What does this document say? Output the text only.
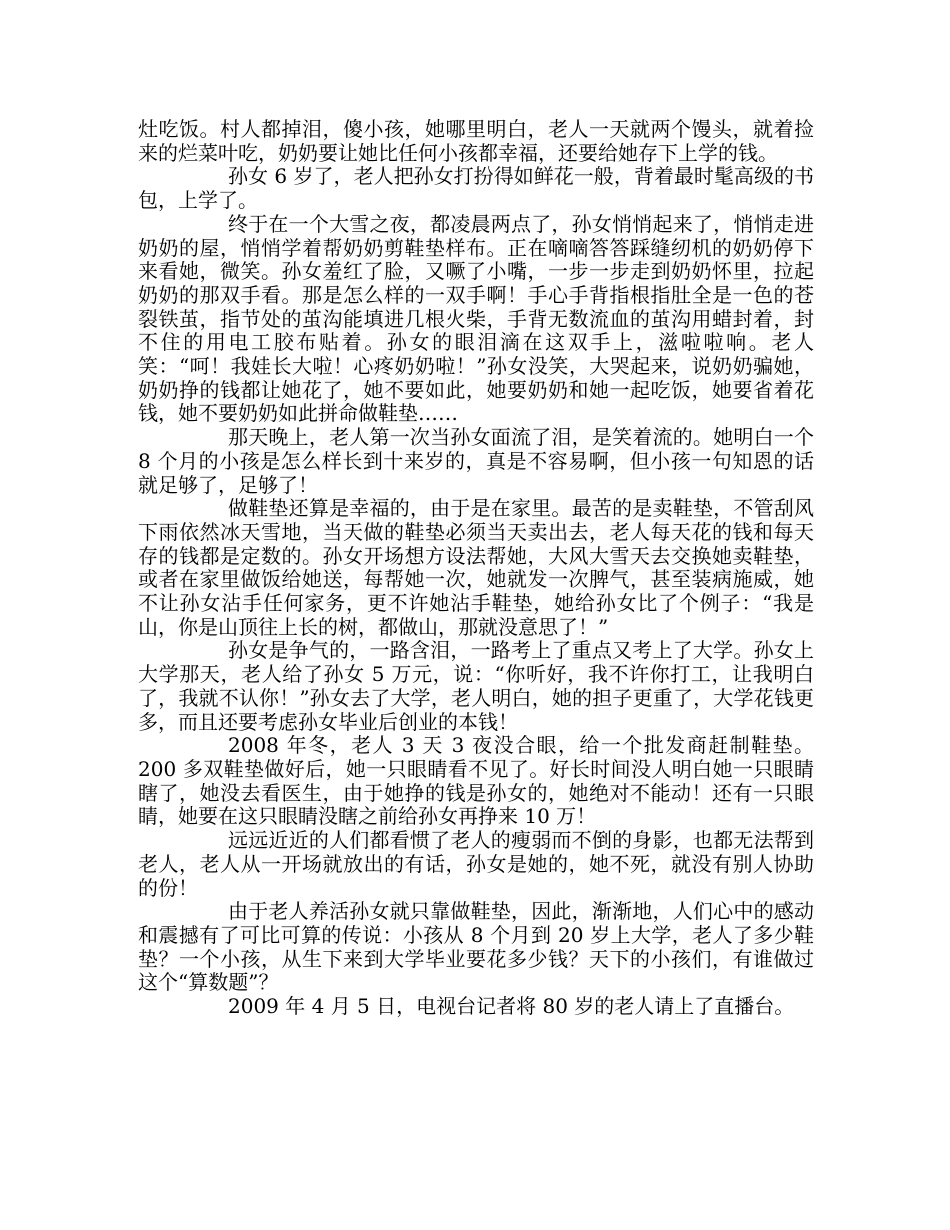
灶吃饭。村人都掉泪，傻小孩，她哪里明白，老人一天就两个馒头，就着捡来的烂菜叶吃，奶奶要让她比任何小孩都幸福，还要给她存下上学的钱。

孙女 6 岁了，老人把孙女打扮得如鲜花一般，背着最时髦高级的书包，上学了。

终于在一个大雪之夜，都凌晨两点了，孙女悄悄起来了，悄悄走进奶奶的屋，悄悄学着帮奶奶剪鞋垫样布。正在嘀嘀答答踩缝纫机的奶奶停下来看她，微笑。孙女羞红了脸，又噘了小嘴，一步一步走到奶奶怀里，拉起奶奶的那双手看。那是怎么样的一双手啊！手心手背指根指肚全是一色的苍裂铁茧，指节处的茧沟能填进几根火柴，手背无数流血的茧沟用蜡封着，封不住的用电工胶布贴着。孙女的眼泪滴在这双手上，滋啦啦响。老人笑：“呵！我娃长大啦！心疼奶奶啦！”孙女没笑，大哭起来，说奶奶骗她，奶奶挣的钱都让她花了，她不要如此，她要奶奶和她一起吃饭，她要省着花钱，她不要奶奶如此拼命做鞋垫……

那天晚上，老人第一次当孙女面流了泪，是笑着流的。她明白一个 8 个月的小孩是怎么样长到十来岁的，真是不容易啊，但小孩一句知恩的话就足够了，足够了！

做鞋垫还算是幸福的，由于是在家里。最苦的是卖鞋垫，不管刮风下雨依然冰天雪地，当天做的鞋垫必须当天卖出去，老人每天花的钱和每天存的钱都是定数的。孙女开场想方设法帮她，大风大雪天去交换她卖鞋垫，或者在家里做饭给她送，每帮她一次，她就发一次脾气，甚至装病施威，她不让孙女沾手任何家务，更不许她沾手鞋垫，她给孙女比了个例子：“我是山，你是山顶往上长的树，都做山，那就没意思了！”

孙女是争气的，一路含泪，一路考上了重点又考上了大学。孙女上大学那天，老人给了孙女 5 万元，说：“你听好，我不许你打工，让我明白了，我就不认你！”孙女去了大学，老人明白，她的担子更重了，大学花钱更多，而且还要考虑孙女毕业后创业的本钱！

2008 年冬，老人 3 天 3 夜没合眼，给一个批发商赶制鞋垫。200 多双鞋垫做好后，她一只眼睛看不见了。好长时间没人明白她一只眼睛瞎了，她没去看医生，由于她挣的钱是孙女的，她绝对不能动！还有一只眼睛，她要在这只眼睛没瞎之前给孙女再挣来 10 万！

远远近近的人们都看惯了老人的瘦弱而不倒的身影，也都无法帮到老人，老人从一开场就放出的有话，孙女是她的，她不死，就没有别人协助的份！

由于老人养活孙女就只靠做鞋垫，因此，渐渐地，人们心中的感动和震撼有了可比可算的传说：小孩从 8 个月到 20 岁上大学，老人了多少鞋垫？一个小孩，从生下来到大学毕业要花多少钱？天下的小孩们，有谁做过这个“算数题”？

2009 年 4 月 5 日，电视台记者将 80 岁的老人请上了直播台。
